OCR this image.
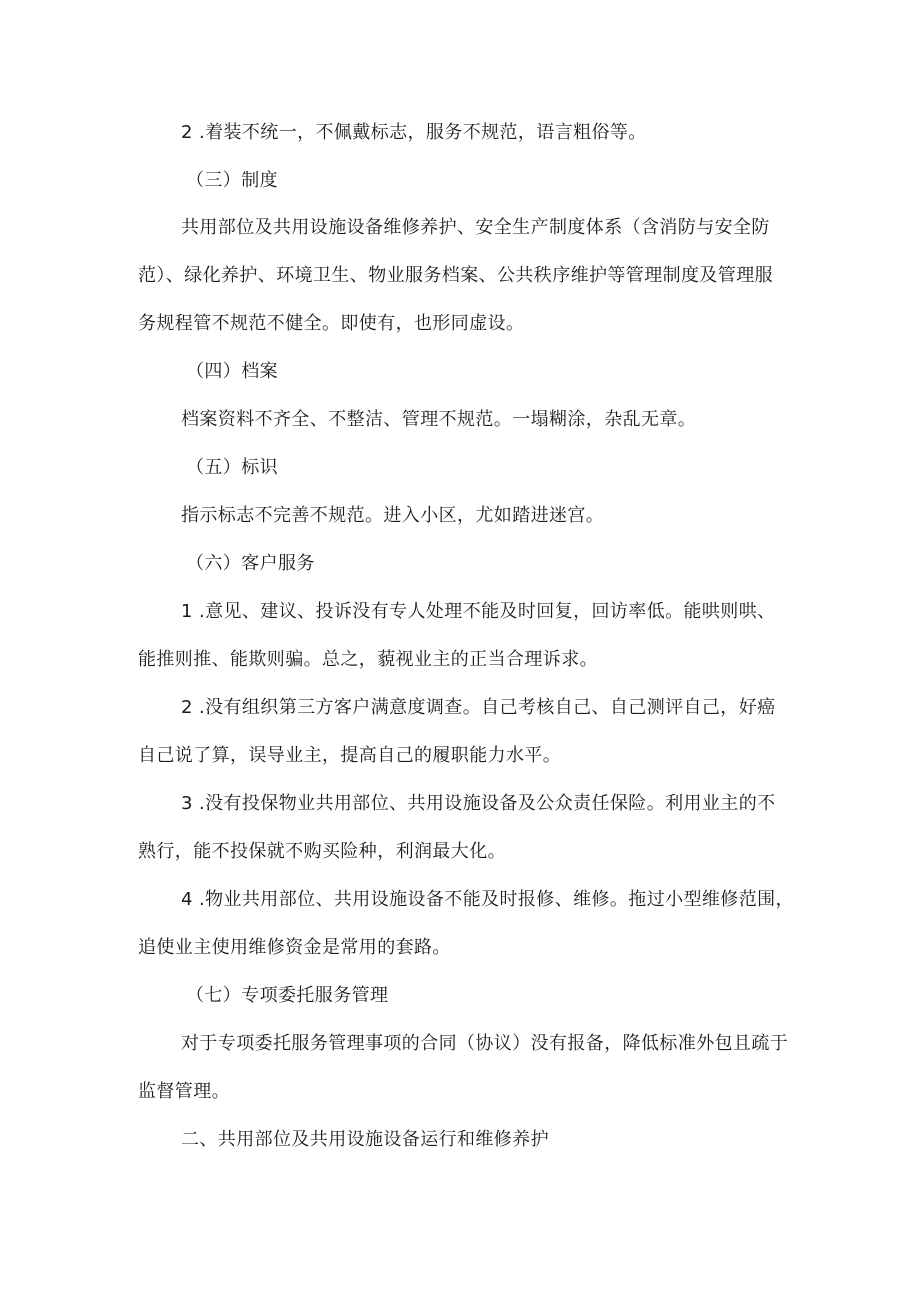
2 .着装不统一，不佩戴标志，服务不规范，语言粗俗等。
（三）制度
共用部位及共用设施设备维修养护、安全生产制度体系（含消防与安全防
范）、绿化养护、环境卫生、物业服务档案、公共秩序维护等管理制度及管理服
务规程管不规范不健全。即使有，也形同虚设。
（四）档案
档案资料不齐全、不整洁、管理不规范。一塌糊涂，杂乱无章。
（五）标识
指示标志不完善不规范。进入小区，尤如踏进迷宫。
（六）客户服务
1 .意见、建议、投诉没有专人处理不能及时回复，回访率低。能哄则哄、
能推则推、能欺则骗。总之，藐视业主的正当合理诉求。
2 .没有组织第三方客户满意度调查。自己考核自己、自己测评自己，好癌
自己说了算，误导业主，提高自己的履职能力水平。
3 .没有投保物业共用部位、共用设施设备及公众责任保险。利用业主的不
熟行，能不投保就不购买险种，利润最大化。
4 .物业共用部位、共用设施设备不能及时报修、维修。拖过小型维修范围，
追使业主使用维修资金是常用的套路。
（七）专项委托服务管理
对于专项委托服务管理事项的合同（协议）没有报备，降低标准外包且疏于
监督管理。
二、共用部位及共用设施设备运行和维修养护
